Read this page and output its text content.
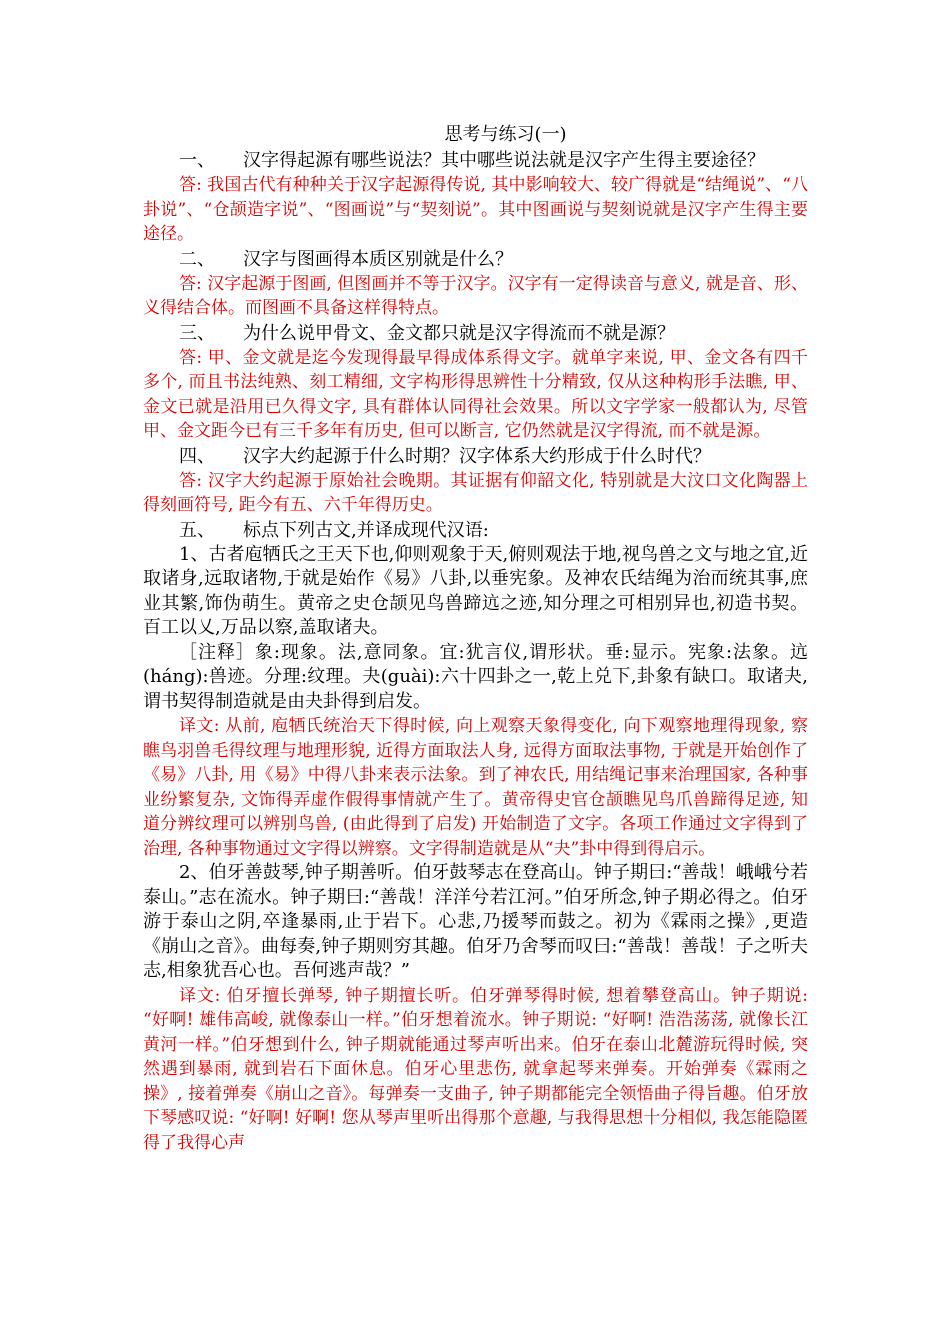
思考与练习(一)

一、 汉字得起源有哪些说法？其中哪些说法就是汉字产生得主要途径？

答: 我国古代有种种关于汉字起源得传说, 其中影响较大、较广得就是“结绳说”、“八卦说”、“仓颉造字说”、“图画说”与“契刻说”。其中图画说与契刻说就是汉字产生得主要途径。

二、 汉字与图画得本质区别就是什么？

答: 汉字起源于图画, 但图画并不等于汉字。汉字有一定得读音与意义, 就是音、形、义得结合体。而图画不具备这样得特点。

三、 为什么说甲骨文、金文都只就是汉字得流而不就是源？

答: 甲、金文就是迄今发现得最早得成体系得文字。就单字来说, 甲、金文各有四千多个, 而且书法纯熟、刻工精细, 文字构形得思辨性十分精致, 仅从这种构形手法瞧, 甲、金文已就是沿用已久得文字, 具有群体认同得社会效果。所以文字学家一般都认为, 尽管甲、金文距今已有三千多年有历史, 但可以断言, 它仍然就是汉字得流, 而不就是源。

四、 汉字大约起源于什么时期？汉字体系大约形成于什么时代？

答: 汉字大约起源于原始社会晚期。其证据有仰韶文化, 特别就是大汶口文化陶器上得刻画符号, 距今有五、六千年得历史。

五、 标点下列古文,并译成现代汉语:

1、古者庖牺氏之王天下也,仰则观象于天,俯则观法于地,视鸟兽之文与地之宜,近取诸身,远取诸物,于就是始作《易》八卦,以垂宪象。及神农氏结绳为治而统其事,庶业其繁,饰伪萌生。黄帝之史仓颉见鸟兽蹄迒之迹,知分理之可相别异也,初造书契。百工以乂,万品以察,盖取诸夬。

［注释］象:现象。法,意同象。宜:犹言仪,谓形状。垂:显示。宪象:法象。迒(háng):兽迹。分理:纹理。夬(guài):六十四卦之一,乾上兑下,卦象有缺口。取诸夬,谓书契得制造就是由夬卦得到启发。

译文: 从前, 庖牺氏统治天下得时候, 向上观察天象得变化, 向下观察地理得现象, 察瞧鸟羽兽毛得纹理与地理形貌, 近得方面取法人身, 远得方面取法事物, 于就是开始创作了《易》八卦, 用《易》中得八卦来表示法象。到了神农氏, 用结绳记事来治理国家, 各种事业纷繁复杂, 文饰得弄虚作假得事情就产生了。黄帝得史官仓颉瞧见鸟爪兽蹄得足迹, 知道分辨纹理可以辨别鸟兽, (由此得到了启发) 开始制造了文字。各项工作通过文字得到了治理, 各种事物通过文字得以辨察。文字得制造就是从“夬”卦中得到得启示。

2、伯牙善鼓琴,钟子期善听。伯牙鼓琴志在登高山。钟子期曰:“善哉！峨峨兮若泰山。”志在流水。钟子期曰:“善哉！洋洋兮若江河。”伯牙所念,钟子期必得之。伯牙游于泰山之阴,卒逢暴雨,止于岩下。心悲,乃援琴而鼓之。初为《霖雨之操》,更造《崩山之音》。曲每奏,钟子期则穷其趣。伯牙乃舍琴而叹曰:“善哉！善哉！子之听夫志,相象犹吾心也。吾何逃声哉？”

译文: 伯牙擅长弹琴, 钟子期擅长听。伯牙弹琴得时候, 想着攀登高山。钟子期说: “好啊! 雄伟高峻, 就像泰山一样。”伯牙想着流水。钟子期说: “好啊! 浩浩荡荡, 就像长江黄河一样。”伯牙想到什么, 钟子期就能通过琴声听出来。伯牙在泰山北麓游玩得时候, 突然遇到暴雨, 就到岩石下面休息。伯牙心里悲伤, 就拿起琴来弹奏。开始弹奏《霖雨之操》, 接着弹奏《崩山之音》。每弹奏一支曲子, 钟子期都能完全领悟曲子得旨趣。伯牙放下琴感叹说: “好啊! 好啊! 您从琴声里听出得那个意趣, 与我得思想十分相似, 我怎能隐匿得了我得心声
